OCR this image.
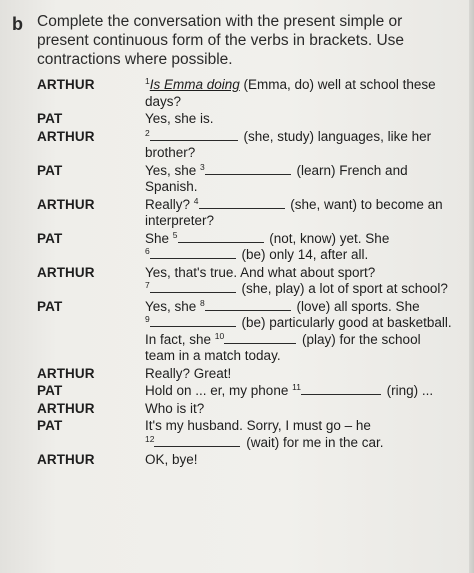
b Complete the conversation with the present simple or present continuous form of the verbs in brackets. Use contractions where possible.
ARTHUR	$^1$Is Emma doing (Emma, do) well at school these days?
PAT	Yes, she is.
ARTHUR	$^2$	(she, study) languages, like her brother?
PAT	Yes, she $^3$	(learn) French and Spanish.
ARTHUR	Really? $^4$	(she, want) to become an interpreter?
PAT	She $^5$	(not, know) yet. She
$^6$	(be) only 14, after all.
ARTHUR	Yes, that's true. And what about sport?
$^7$	(she, play) a lot of sport at school?
PAT	Yes, she $^8$	(love) all sports. She
$^9$	(be) particularly good at basketball. In fact, she $^{10}$	(play) for the school team in a match today.
ARTHUR	Really? Great!
PAT	Hold on ... er, my phone $^{11}$	(ring) ...
ARTHUR	Who is it?
PAT	It's my husband. Sorry, I must go – he
$^{12}$	(wait) for me in the car.
ARTHUR	OK, bye!
